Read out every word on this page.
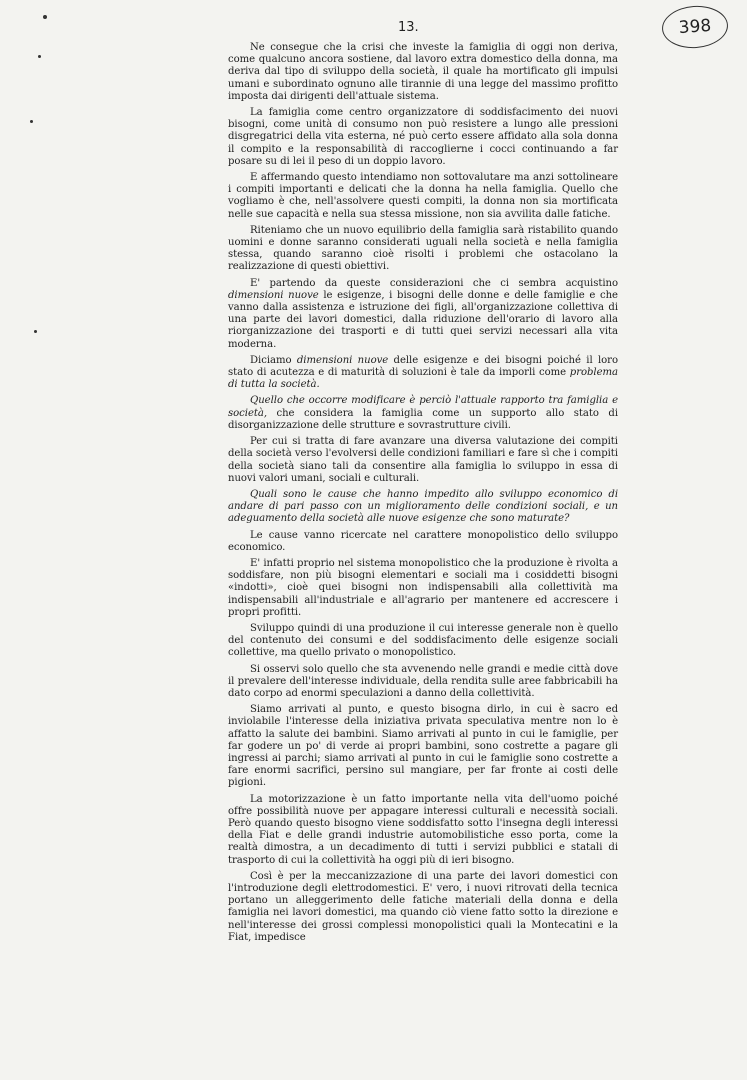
13.	398

Ne consegue che la crisi che investe la famiglia di oggi non deriva, come qualcuno ancora sostiene, dal lavoro extra domestico della donna, ma deriva dal tipo di sviluppo della società, il quale ha mortificato gli impulsi umani e subordinato ognuno alle tirannie di una legge del massimo profitto imposta dai dirigenti dell'attuale sistema.

La famiglia come centro organizzatore di soddisfacimento dei nuovi bisogni, come unità di consumo non può resistere a lungo alle pressioni disgregatrici della vita esterna, né può certo essere affidato alla sola donna il compito e la responsabilità di raccoglierne i cocci continuando a far posare su di lei il peso di un doppio lavoro.

E affermando questo intendiamo non sottovalutare ma anzi sottolineare i compiti importanti e delicati che la donna ha nella famiglia. Quello che vogliamo è che, nell'assolvere questi compiti, la donna non sia mortificata nelle sue capacità e nella sua stessa missione, non sia avvilita dalle fatiche.

Riteniamo che un nuovo equilibrio della famiglia sarà ristabilito quando uomini e donne saranno considerati uguali nella società e nella famiglia stessa, quando saranno cioè risolti i problemi che ostacolano la realizzazione di questi obiettivi.

E' partendo da queste considerazioni che ci sembra acquistino dimensioni nuove le esigenze, i bisogni delle donne e delle famiglie e che vanno dalla assistenza e istruzione dei figli, all'organizzazione collettiva di una parte dei lavori domestici, dalla riduzione dell'orario di lavoro alla riorganizzazione dei trasporti e di tutti quei servizi necessari alla vita moderna.

Diciamo dimensioni nuove delle esigenze e dei bisogni poiché il loro stato di acutezza e di maturità di soluzioni è tale da imporli come problema di tutta la società.

Quello che occorre modificare è perciò l'attuale rapporto tra famiglia e società, che considera la famiglia come un supporto allo stato di disorganizzazione delle strutture e sovrastrutture civili.

Per cui si tratta di fare avanzare una diversa valutazione dei compiti della società verso l'evolversi delle condizioni familiari e fare sì che i compiti della società siano tali da consentire alla famiglia lo sviluppo in essa di nuovi valori umani, sociali e culturali.

Quali sono le cause che hanno impedito allo sviluppo economico di andare di pari passo con un miglioramento delle condizioni sociali, e un adeguamento della società alle nuove esigenze che sono maturate?

Le cause vanno ricercate nel carattere monopolistico dello sviluppo economico.

E' infatti proprio nel sistema monopolistico che la produzione è rivolta a soddisfare, non più bisogni elementari e sociali ma i cosiddetti bisogni «indotti», cioè quei bisogni non indispensabili alla collettività ma indispensabili all'industriale e all'agrario per mantenere ed accrescere i propri profitti.

Sviluppo quindi di una produzione il cui interesse generale non è quello del contenuto dei consumi e del soddisfacimento delle esigenze sociali collettive, ma quello privato o monopolistico.

Si osservi solo quello che sta avvenendo nelle grandi e medie città dove il prevalere dell'interesse individuale, della rendita sulle aree fabbricabili ha dato corpo ad enormi speculazioni a danno della collettività.

Siamo arrivati al punto, e questo bisogna dirlo, in cui è sacro ed inviolabile l'interesse della iniziativa privata speculativa mentre non lo è affatto la salute dei bambini. Siamo arrivati al punto in cui le famiglie, per far godere un po' di verde ai propri bambini, sono costrette a pagare gli ingressi ai parchi; siamo arrivati al punto in cui le famiglie sono costrette a fare enormi sacrifici, persino sul mangiare, per far fronte ai costi delle pigioni.

La motorizzazione è un fatto importante nella vita dell'uomo poiché offre possibilità nuove per appagare interessi culturali e necessità sociali. Però quando questo bisogno viene soddisfatto sotto l'insegna degli interessi della Fiat e delle grandi industrie automobilistiche esso porta, come la realtà dimostra, a un decadimento di tutti i servizi pubblici e statali di trasporto di cui la collettività ha oggi più di ieri bisogno.

Così è per la meccanizzazione di una parte dei lavori domestici con l'introduzione degli elettrodomestici. E' vero, i nuovi ritrovati della tecnica portano un alleggerimento delle fatiche materiali della donna e della famiglia nei lavori domestici, ma quando ciò viene fatto sotto la direzione e nell'interesse dei grossi complessi monopolistici quali la Montecatini e la Fiat, impedisce
